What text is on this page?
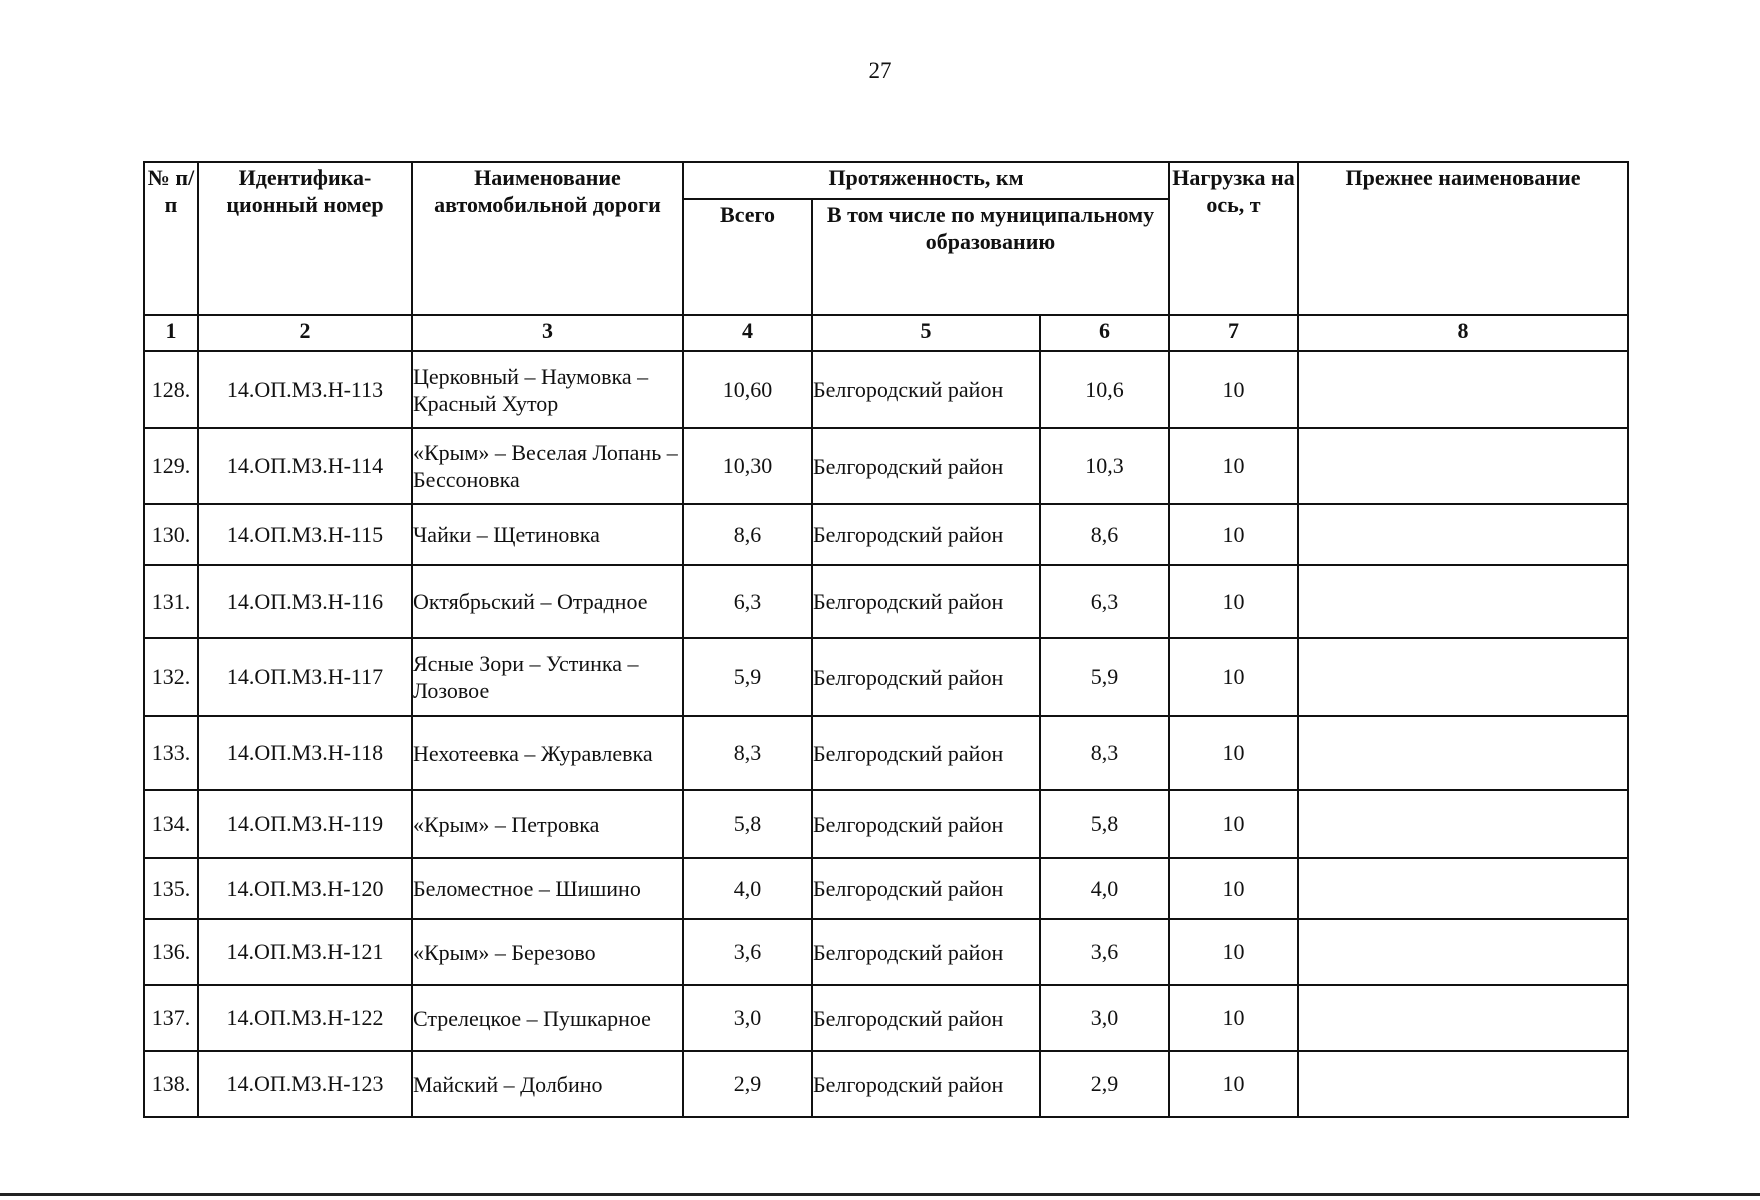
27
№ п/п	Идентифика-ционный номер	Наименование автомобильной дороги	Протяженность, км			Нагрузка на ось, т	Прежнее наименование
			Всего	В том числе по муниципальному образованию			
1	2	3	4	5	6	7	8
128.	14.ОП.МЗ.Н-113	Церковный – Наумовка – Красный Хутор	10,60	Белгородский район	10,6	10	
129.	14.ОП.МЗ.Н-114	«Крым» – Веселая Лопань – Бессоновка	10,30	Белгородский район	10,3	10	
130.	14.ОП.МЗ.Н-115	Чайки – Щетиновка	8,6	Белгородский район	8,6	10	
131.	14.ОП.МЗ.Н-116	Октябрьский – Отрадное	6,3	Белгородский район	6,3	10	
132.	14.ОП.МЗ.Н-117	Ясные Зори – Устинка – Лозовое	5,9	Белгородский район	5,9	10	
133.	14.ОП.МЗ.Н-118	Нехотеевка – Журавлевка	8,3	Белгородский район	8,3	10	
134.	14.ОП.МЗ.Н-119	«Крым» – Петровка	5,8	Белгородский район	5,8	10	
135.	14.ОП.МЗ.Н-120	Беломестное – Шишино	4,0	Белгородский район	4,0	10	
136.	14.ОП.МЗ.Н-121	«Крым» – Березово	3,6	Белгородский район	3,6	10	
137.	14.ОП.МЗ.Н-122	Стрелецкое – Пушкарное	3,0	Белгородский район	3,0	10	
138.	14.ОП.МЗ.Н-123	Майский – Долбино	2,9	Белгородский район	2,9	10	
